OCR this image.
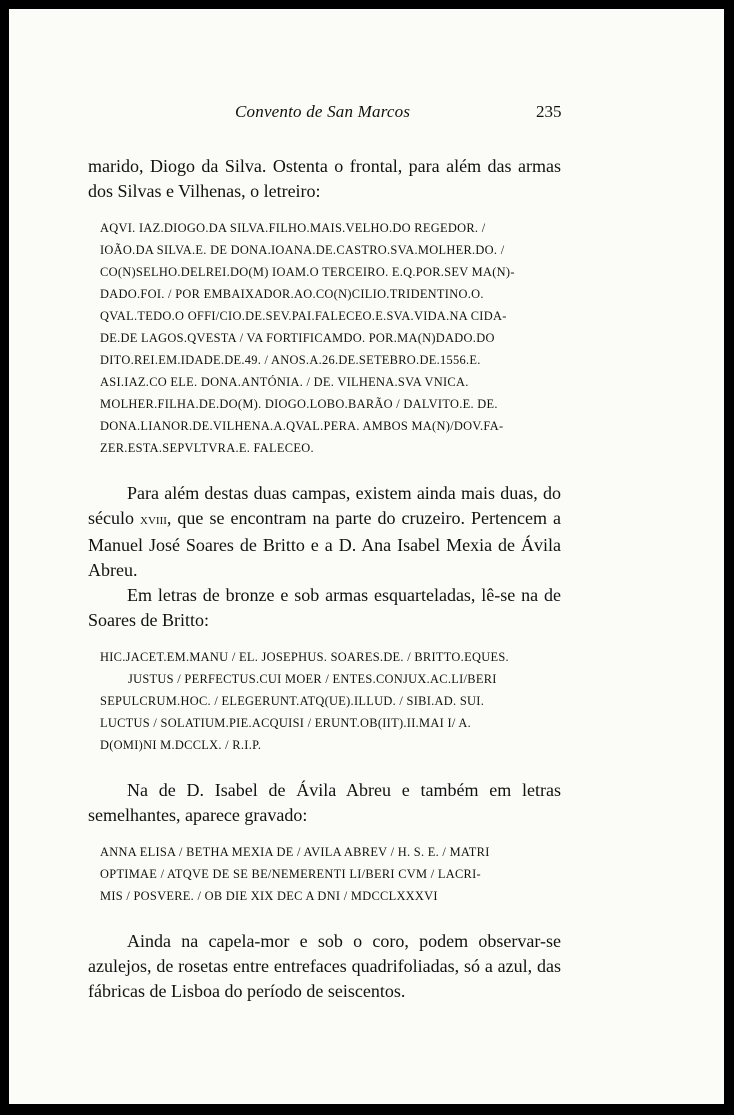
Convento de San Marcos	235

marido, Diogo da Silva. Ostenta o frontal, para além das armas dos Silvas e Vilhenas, o letreiro:

AQVI. IAZ.DIOGO.DA SILVA.FILHO.MAIS.VELHO.DO REGEDOR. /
IOÃO.DA SILVA.E. DE DONA.IOANA.DE.CASTRO.SVA.MOLHER.DO. /
CO(N)SELHO.DELREI.DO(M) IOAM.O TERCEIRO. E.Q.POR.SEV MA(N)-
DADO.FOI. / POR EMBAIXADOR.AO.CO(N)CILIO.TRIDENTINO.O.
QVAL.TEDO.O OFFI/CIO.DE.SEV.PAI.FALECEO.E.SVA.VIDA.NA CIDA-
DE.DE LAGOS.QVESTA / VA FORTIFICAMDO. POR.MA(N)DADO.DO
DITO.REI.EM.IDADE.DE.49. / ANOS.A.26.DE.SETEBRO.DE.1556.E.
ASI.IAZ.CO ELE. DONA.ANTÓNIA. / DE. VILHENA.SVA VNICA.
MOLHER.FILHA.DE.DO(M). DIOGO.LOBO.BARÃO / DALVITO.E. DE.
DONA.LIANOR.DE.VILHENA.A.QVAL.PERA. AMBOS MA(N)/DOV.FA-
ZER.ESTA.SEPVLTVRA.E. FALECEO.

Para além destas duas campas, existem ainda mais duas, do século xviii, que se encontram na parte do cruzeiro. Pertencem a Manuel José Soares de Britto e a D. Ana Isabel Mexia de Ávila Abreu.

Em letras de bronze e sob armas esquarteladas, lê-se na de Soares de Britto:

HIC.JACET.EM.MANU / EL. JOSEPHUS. SOARES.DE. / BRITTO.EQUES.
JUSTUS / PERFECTUS.CUI MOER / ENTES.CONJUX.AC.LI/BERI
SEPULCRUM.HOC. / ELEGERUNT.ATQ(UE).ILLUD. / SIBI.AD. SUI.
LUCTUS / SOLATIUM.PIE.ACQUISI / ERUNT.OB(IIT).II.MAI I/ A.
D(OMI)NI M.DCCLX. / R.I.P.

Na de D. Isabel de Ávila Abreu e também em letras semelhantes, aparece gravado:

ANNA ELISA / BETHA MEXIA DE / AVILA ABREV / H. S. E. / MATRI
OPTIMAE / ATQVE DE SE BE/NEMERENTI LI/BERI CVM / LACRI-
MIS / POSVERE. / OB DIE XIX DEC A DNI / MDCCLXXXVI

Ainda na capela-mor e sob o coro, podem observar-se azulejos, de rosetas entre entrefaces quadrifoliadas, só a azul, das fábricas de Lisboa do período de seiscentos.
